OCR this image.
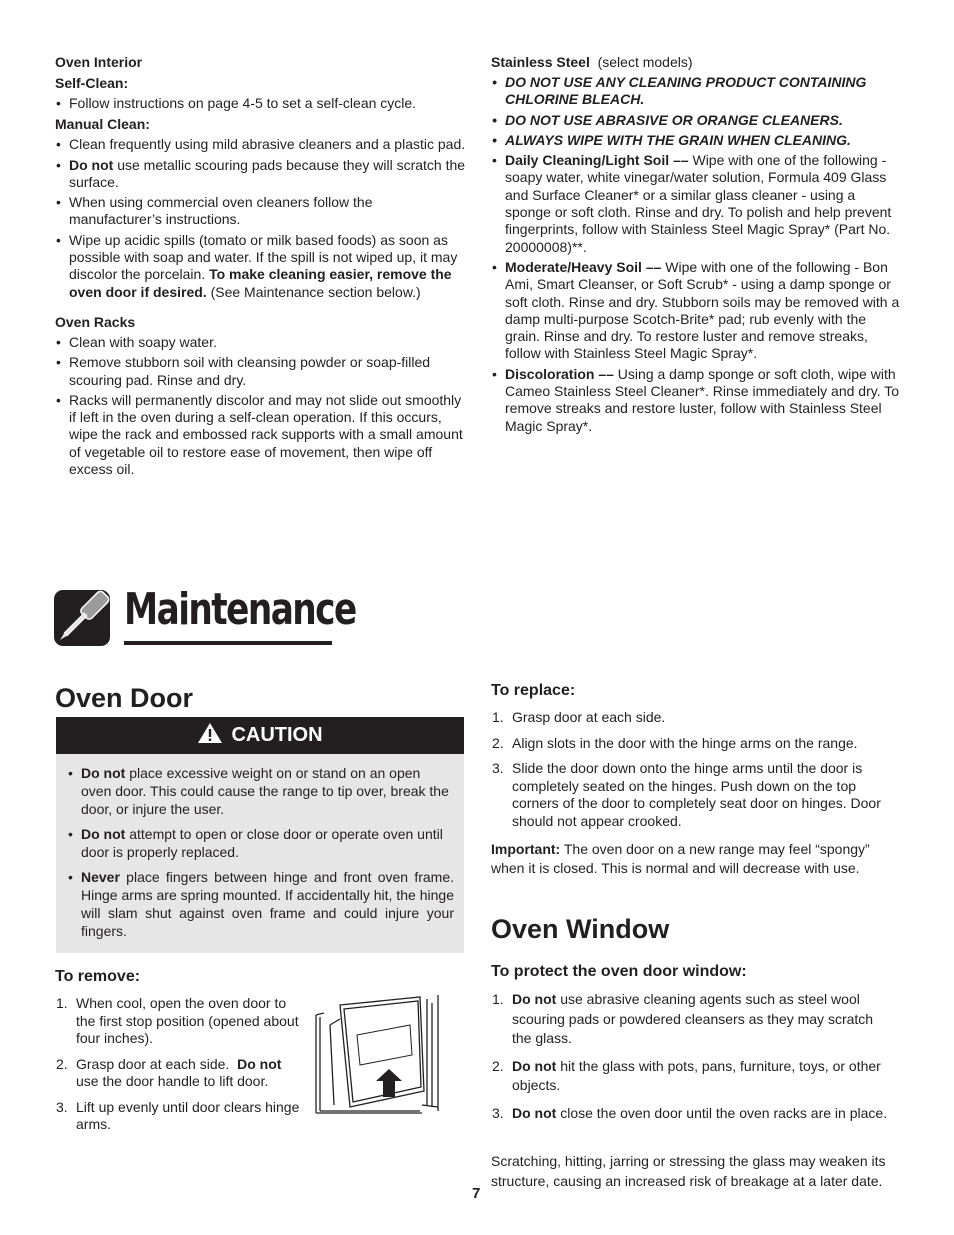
Oven Interior

Self-Clean:

• Follow instructions on page 4-5 to set a self-clean cycle.

Manual Clean:

• Clean frequently using mild abrasive cleaners and a plastic pad.
• Do not use metallic scouring pads because they will scratch the surface.
• When using commercial oven cleaners follow the manufacturer’s instructions.
• Wipe up acidic spills (tomato or milk based foods) as soon as possible with soap and water. If the spill is not wiped up, it may discolor the porcelain. To make cleaning easier, remove the oven door if desired. (See Maintenance section below.)

Oven Racks

• Clean with soapy water.
• Remove stubborn soil with cleansing powder or soap-filled scouring pad. Rinse and dry.
• Racks will permanently discolor and may not slide out smoothly if left in the oven during a self-clean operation. If this occurs, wipe the rack and embossed rack supports with a small amount of vegetable oil to restore ease of movement, then wipe off excess oil.

Stainless Steel (select models)

• DO NOT USE ANY CLEANING PRODUCT CONTAINING CHLORINE BLEACH.
• DO NOT USE ABRASIVE OR ORANGE CLEANERS.
• ALWAYS WIPE WITH THE GRAIN WHEN CLEANING.
• Daily Cleaning/Light Soil –– Wipe with one of the following - soapy water, white vinegar/water solution, Formula 409 Glass and Surface Cleaner* or a similar glass cleaner - using a sponge or soft cloth. Rinse and dry. To polish and help prevent fingerprints, follow with Stainless Steel Magic Spray* (Part No. 20000008)**.
• Moderate/Heavy Soil –– Wipe with one of the following - Bon Ami, Smart Cleanser, or Soft Scrub* - using a damp sponge or soft cloth. Rinse and dry. Stubborn soils may be removed with a damp multi-purpose Scotch-Brite* pad; rub evenly with the grain. Rinse and dry. To restore luster and remove streaks, follow with Stainless Steel Magic Spray*.
• Discoloration –– Using a damp sponge or soft cloth, wipe with Cameo Stainless Steel Cleaner*. Rinse immediately and dry. To remove streaks and restore luster, follow with Stainless Steel Magic Spray*.
Maintenance
Oven Door
CAUTION
• Do not place excessive weight on or stand on an open oven door. This could cause the range to tip over, break the door, or injure the user.
• Do not attempt to open or close door or operate oven until door is properly replaced.
• Never place fingers between hinge and front oven frame. Hinge arms are spring mounted. If accidentally hit, the hinge will slam shut against oven frame and could injure your fingers.

To remove:

1. When cool, open the oven door to the first stop position (opened about four inches).
2. Grasp door at each side.  Do not use the door handle to lift door.
3. Lift up evenly until door clears hinge arms.

To replace:

1. Grasp door at each side.
2. Align slots in the door with the hinge arms on the range.
3. Slide the door down onto the hinge arms until the door is completely seated on the hinges. Push down on the top corners of the door to completely seat door on hinges. Door should not appear crooked.

Important: The oven door on a new range may feel “spongy” when it is closed. This is normal and will decrease with use.

Oven Window

To protect the oven door window:

1. Do not use abrasive cleaning agents such as steel wool scouring pads or powdered cleansers as they may scratch the glass.
2. Do not hit the glass with pots, pans, furniture, toys, or other objects.
3. Do not close the oven door until the oven racks are in place.

Scratching, hitting, jarring or stressing the glass may weaken its structure, causing an increased risk of breakage at a later date.

7
